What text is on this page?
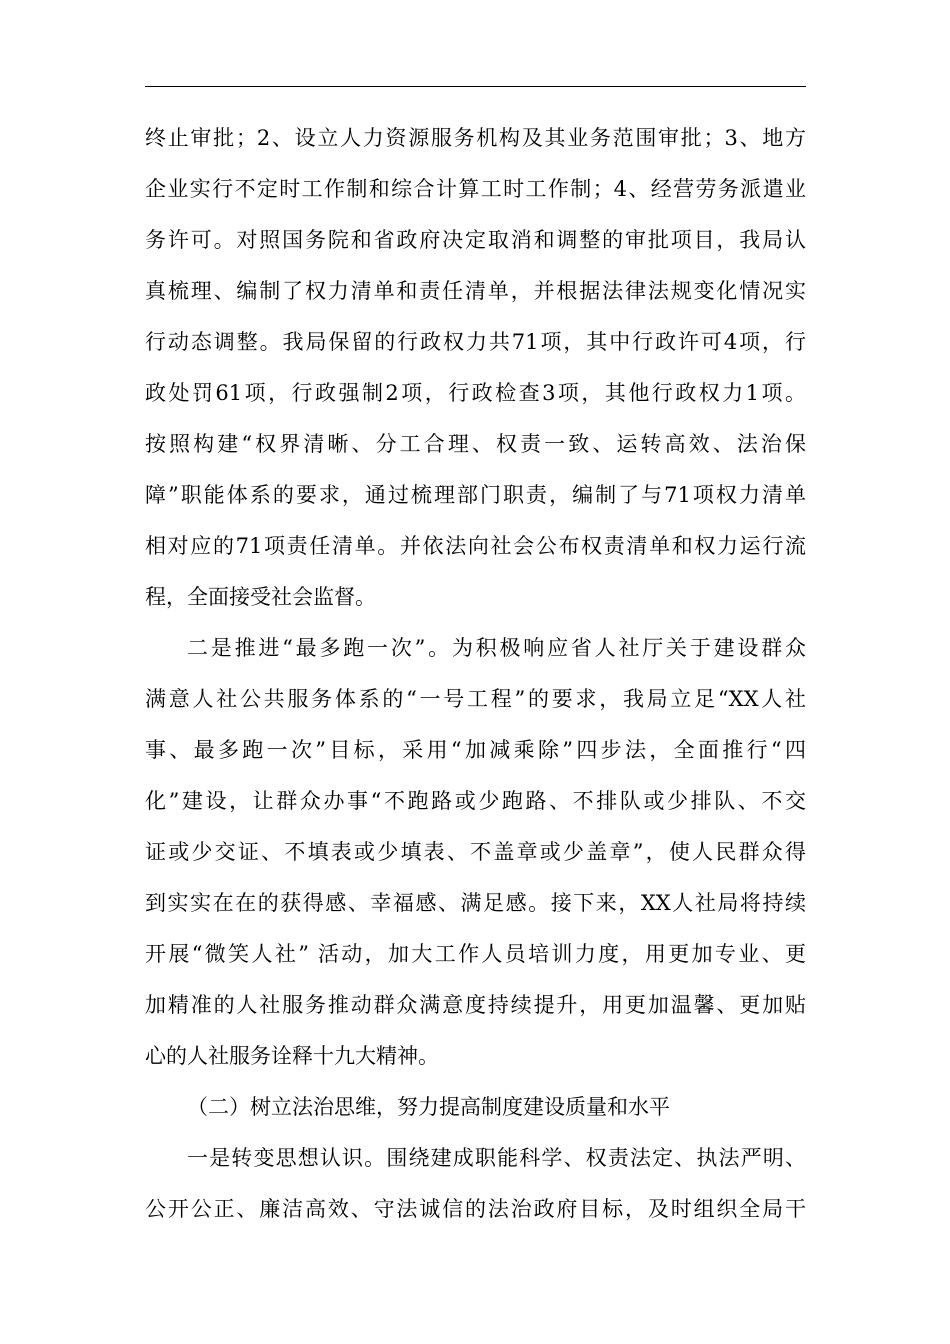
终止审批；2、设立人力资源服务机构及其业务范围审批；3、地方
企业实行不定时工作制和综合计算工时工作制；4、经营劳务派遣业
务许可。对照国务院和省政府决定取消和调整的审批项目，我局认
真梳理、编制了权力清单和责任清单，并根据法律法规变化情况实
行动态调整。我局保留的行政权力共71项，其中行政许可4项，行
政处罚61项，行政强制2项，行政检查3项，其他行政权力1项。
按照构建“权界清晰、分工合理、权责一致、运转高效、法治保
障”职能体系的要求，通过梳理部门职责，编制了与71项权力清单
相对应的71项责任清单。并依法向社会公布权责清单和权力运行流
程，全面接受社会监督。
二是推进“最多跑一次”。为积极响应省人社厅关于建设群众
满意人社公共服务体系的“一号工程”的要求，我局立足“XX人社
事、最多跑一次”目标，采用“加减乘除”四步法，全面推行“四
化”建设，让群众办事“不跑路或少跑路、不排队或少排队、不交
证或少交证、不填表或少填表、不盖章或少盖章”，使人民群众得
到实实在在的获得感、幸福感、满足感。接下来，XX人社局将持续
开展“微笑人社” 活动，加大工作人员培训力度，用更加专业、更
加精准的人社服务推动群众满意度持续提升，用更加温馨、更加贴
心的人社服务诠释十九大精神。
（二）树立法治思维，努力提高制度建设质量和水平
一是转变思想认识。围绕建成职能科学、权责法定、执法严明、
公开公正、廉洁高效、守法诚信的法治政府目标，及时组织全局干
